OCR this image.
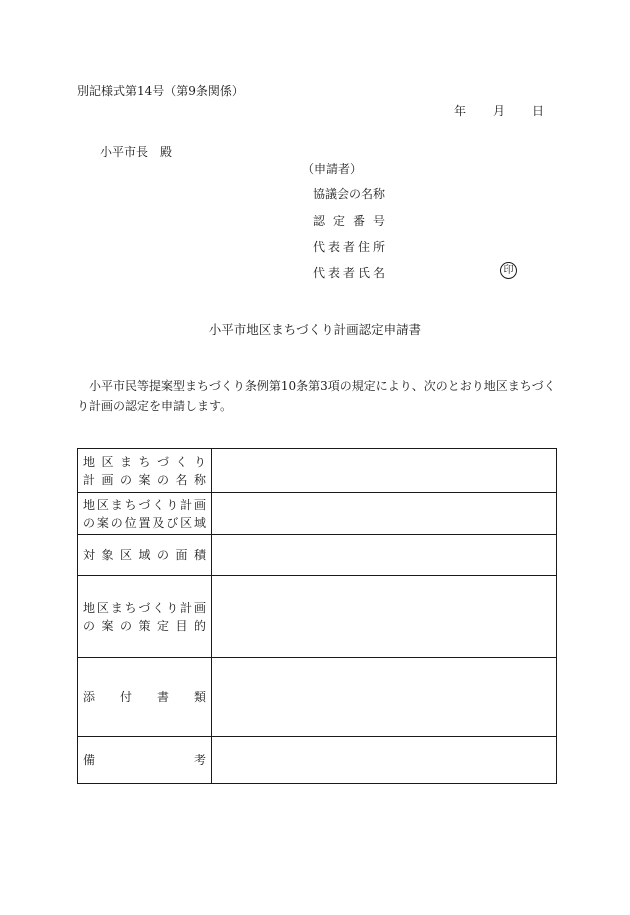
別記様式第14号（第9条関係）
年 月 日
小平市長　殿
（申請者）
協議会の名称
認 定 番 号
代表者住所
代表者氏名	印
小平市地区まちづくり計画認定申請書
小平市民等提案型まちづくり条例第10条第3項の規定により、次のとおり地区まちづくり計画の認定を申請します。
地区まちづくり
計画の案の名称	

地区まちづくり計画
の案の位置及び区域	

対象区域の面積	

地区まちづくり計画
の案の策定目的	

添付書類	

備考	
